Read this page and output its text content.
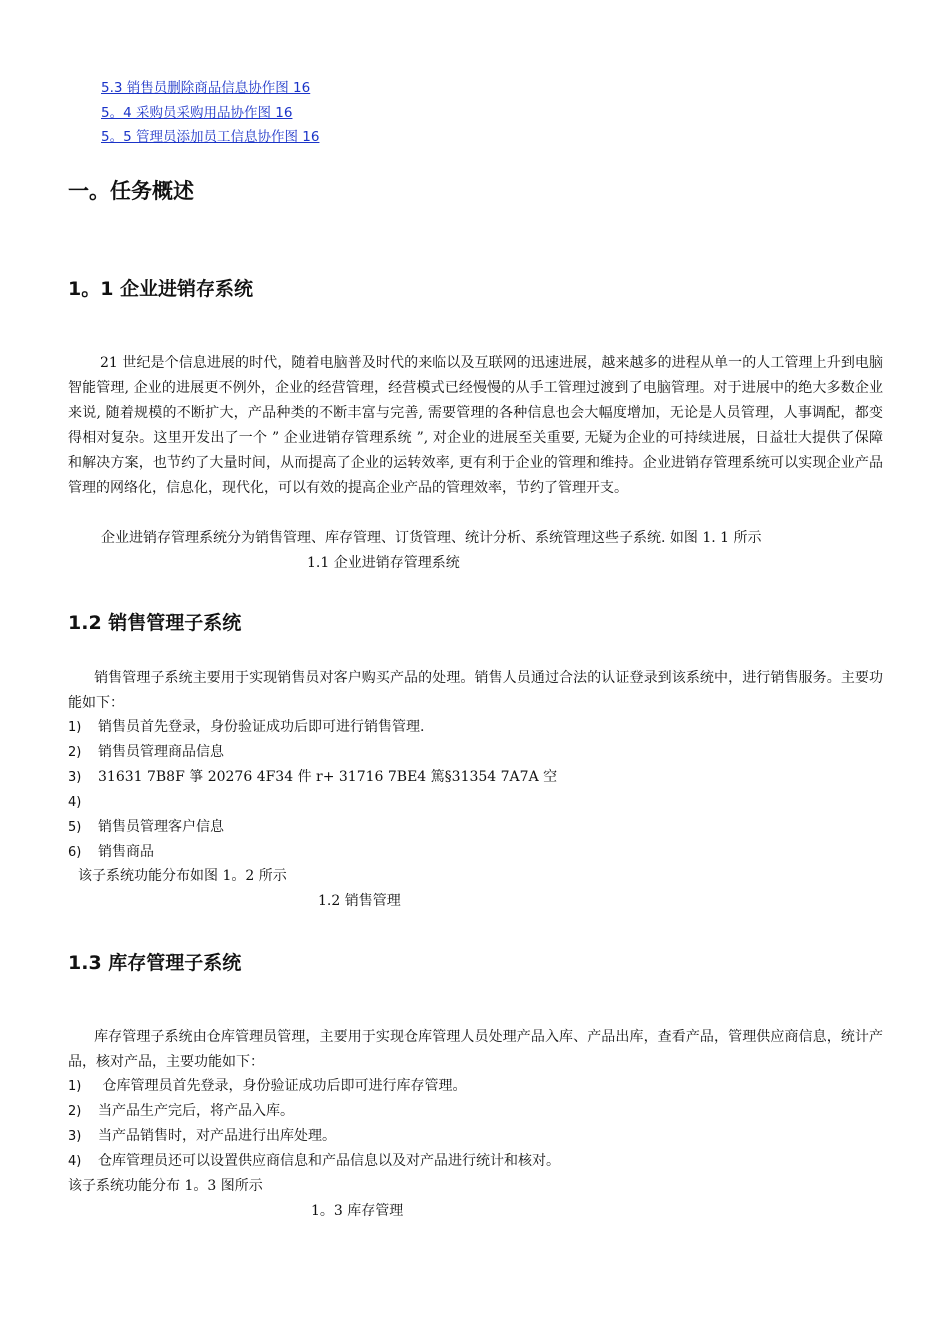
5.3 销售员删除商品信息协作图 16
5。4 采购员采购用品协作图 16
5。5 管理员添加员工信息协作图 16
一。任务概述
1。1 企业进销存系统
21 世纪是个信息进展的时代，随着电脑普及时代的来临以及互联网的迅速进展，越来越多的进程从单一的人工管理上升到电脑智能管理, 企业的进展更不例外，企业的经营管理，经营模式已经慢慢的从手工管理过渡到了电脑管理。对于进展中的绝大多数企业来说, 随着规模的不断扩大，产品种类的不断丰富与完善, 需要管理的各种信息也会大幅度增加，无论是人员管理，人事调配，都变得相对复杂。这里开发出了一个 ” 企业进销存管理系统 ”, 对企业的进展至关重要, 无疑为企业的可持续进展，日益壮大提供了保障和解决方案，也节约了大量时间，从而提高了企业的运转效率, 更有利于企业的管理和维持。企业进销存管理系统可以实现企业产品管理的网络化，信息化，现代化，可以有效的提高企业产品的管理效率，节约了管理开支。
企业进销存管理系统分为销售管理、库存管理、订货管理、统计分析、系统管理这些子系统. 如图 1. 1 所示
1.1 企业进销存管理系统
1.2 销售管理子系统
销售管理子系统主要用于实现销售员对客户购买产品的处理。销售人员通过合法的认证登录到该系统中，进行销售服务。主要功能如下：
1) 销售员首先登录，身份验证成功后即可进行销售管理.
2) 销售员管理商品信息
3) 31631 7B8F 箏 20276 4F34 件 r+ 31716 7BE4 篤§31354 7A7A 空
4)
5) 销售员管理客户信息
6) 销售商品
该子系统功能分布如图 1。2 所示
1.2 销售管理
1.3 库存管理子系统
库存管理子系统由仓库管理员管理，主要用于实现仓库管理人员处理产品入库、产品出库，查看产品，管理供应商信息，统计产品，核对产品，主要功能如下：
1) 仓库管理员首先登录，身份验证成功后即可进行库存管理。
2) 当产品生产完后，将产品入库。
3) 当产品销售时，对产品进行出库处理。
4) 仓库管理员还可以设置供应商信息和产品信息以及对产品进行统计和核对。
该子系统功能分布 1。3 图所示
1。3 库存管理
